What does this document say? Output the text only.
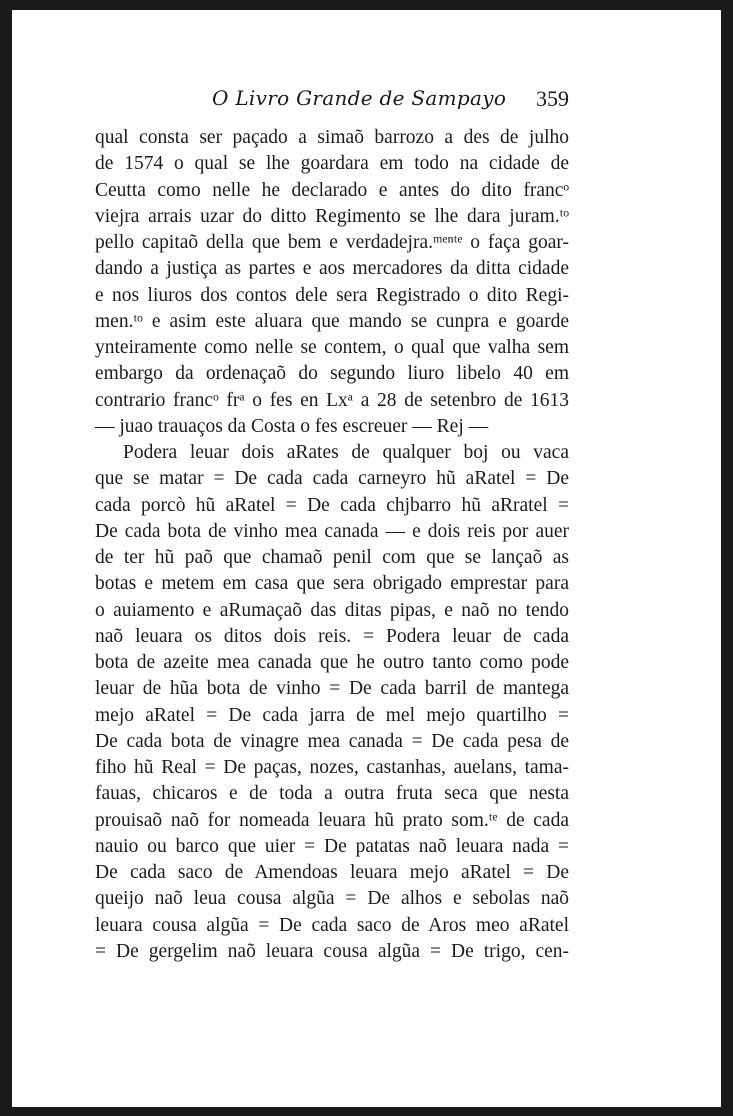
O Livro Grande de Sampayo 359
qual consta ser paçado a simaõ barrozo a des de julho
de 1574 o qual se lhe goardara em todo na cidade de
Ceutta como nelle he declarado e antes do dito francᵒ
viejra arrais uzar do ditto Regimento se lhe dara juram.ᵗᵒ
pello capitaõ della que bem e verdadejra.ᵐᵉⁿᵗᵉ o faça goar-
dando a justiça as partes e aos mercadores da ditta cidade
e nos liuros dos contos dele sera Registrado o dito Regi-
men.ᵗᵒ e asim este aluara que mando se cunpra e goarde
ynteiramente como nelle se contem, o qual que valha sem
embargo da ordenaçaõ do segundo liuro libelo 40 em
contrario francᵒ frᵃ o fes en Lxᵃ a 28 de setenbro de 1613
— juao trauaços da Costa o fes escreuer — Rej —
Podera leuar dois aRates de qualquer boj ou vaca
que se matar = De cada cada carneyro hũ aRatel = De
cada porcò hũ aRatel = De cada chjbarro hũ aRratel =
De cada bota de vinho mea canada — e dois reis por auer
de ter hũ paõ que chamaõ penil com que se lançaõ as
botas e metem em casa que sera obrigado emprestar para
o auiamento e aRumaçaõ das ditas pipas, e naõ no tendo
naõ leuara os ditos dois reis. = Podera leuar de cada
bota de azeite mea canada que he outro tanto como pode
leuar de hũa bota de vinho = De cada barril de mantega
mejo aRatel = De cada jarra de mel mejo quartilho =
De cada bota de vinagre mea canada = De cada pesa de
fiho hũ Real = De paças, nozes, castanhas, auelans, tama-
fauas, chicaros e de toda a outra fruta seca que nesta
prouisaõ naõ for nomeada leuara hũ prato som.ᵗᵉ de cada
nauio ou barco que uier = De patatas naõ leuara nada =
De cada saco de Amendoas leuara mejo aRatel = De
queijo naõ leua cousa algũa = De alhos e sebolas naõ
leuara cousa algũa = De cada saco de Aros meo aRatel
= De gergelim naõ leuara cousa algũa = De trigo, cen-
